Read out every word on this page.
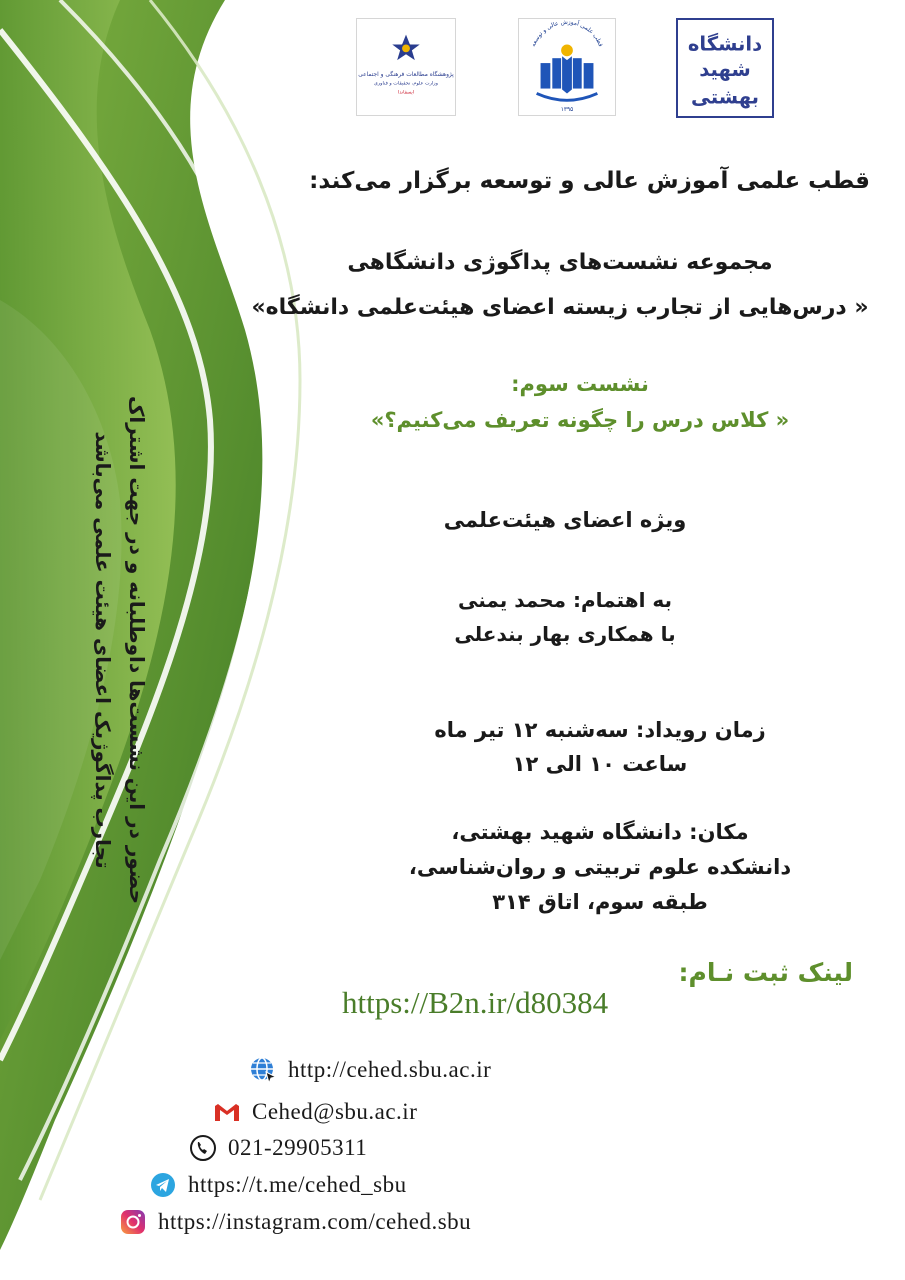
پژوهشگاه مطالعات فرهنگی و اجتماعی
وزارت علوم، تحقیقات و فناوری
ایسفاندا
قطب علمی آموزش عالی و توسعه
۱۳۹۵
دانشگاه
شهید
بهشتی
قطب علمی آموزش عالی و توسعه برگزار می‌کند:
مجموعه نشست‌های پداگوژی دانشگاهی
« درس‌هایی از تجارب زیسته اعضای هیئت‌علمی دانشگاه»
نشست سوم:
« کلاس درس را چگونه تعریف می‌کنیم؟»
ویژه اعضای هیئت‌علمی
به اهتمام: محمد یمنی
با همکاری بهار بندعلی
زمان رویداد: سه‌شنبه ۱۲ تیر ماه
ساعت ۱۰ الی ۱۲
مکان: دانشگاه شهید بهشتی،
دانشکده علوم تربیتی و روان‌شناسی،
طبقه سوم، اتاق ۳۱۴
لینک ثبت نـام:
https://B2n.ir/d80384
حضور در این نشست‌ها داوطلبانه و در جهت اشتراک
تجارب پداگوژیک اعضای هیئت علمی می‌باشد
http://cehed.sbu.ac.ir
Cehed@sbu.ac.ir
021-29905311
https://t.me/cehed_sbu
https://instagram.com/cehed.sbu
